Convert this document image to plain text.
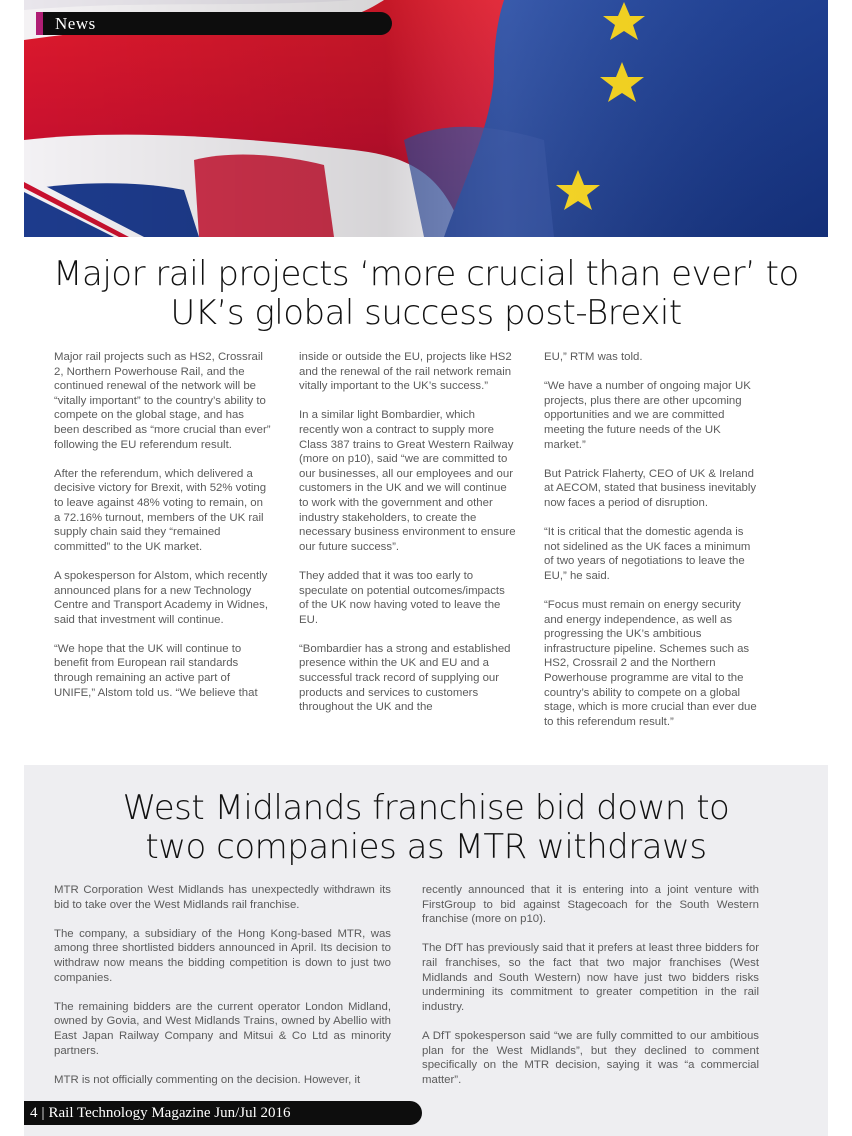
News
Major rail projects ‘more crucial than ever’ to
UK’s global success post-Brexit

Major rail projects such as HS2, Crossrail 2, Northern Powerhouse Rail, and the continued renewal of the network will be “vitally important” to the country’s ability to compete on the global stage, and has been described as “more crucial than ever” following the EU referendum result.

After the referendum, which delivered a decisive victory for Brexit, with 52% voting to leave against 48% voting to remain, on a 72.16% turnout, members of the UK rail supply chain said they “remained committed” to the UK market.

A spokesperson for Alstom, which recently announced plans for a new Technology Centre and Transport Academy in Widnes, said that investment will continue.

“We hope that the UK will continue to benefit from European rail standards through remaining an active part of UNIFE,” Alstom told us. “We believe that

inside or outside the EU, projects like HS2 and the renewal of the rail network remain vitally important to the UK’s success.”

In a similar light Bombardier, which recently won a contract to supply more Class 387 trains to Great Western Railway (more on p10), said “we are committed to our businesses, all our employees and our customers in the UK and we will continue to work with the government and other industry stakeholders, to create the necessary business environment to ensure our future success”.

They added that it was too early to speculate on potential outcomes/impacts of the UK now having voted to leave the EU.

“Bombardier has a strong and established presence within the UK and EU and a successful track record of supplying our products and services to customers throughout the UK and the

EU,” RTM was told.

“We have a number of ongoing major UK projects, plus there are other upcoming opportunities and we are committed meeting the future needs of the UK market.”

But Patrick Flaherty, CEO of UK & Ireland at AECOM, stated that business inevitably now faces a period of disruption.

“It is critical that the domestic agenda is not sidelined as the UK faces a minimum of two years of negotiations to leave the EU,” he said.

“Focus must remain on energy security and energy independence, as well as progressing the UK’s ambitious infrastructure pipeline. Schemes such as HS2, Crossrail 2 and the Northern Powerhouse programme are vital to the country’s ability to compete on a global stage, which is more crucial than ever due to this referendum result.”

West Midlands franchise bid down to
two companies as MTR withdraws

MTR Corporation West Midlands has unexpectedly withdrawn its bid to take over the West Midlands rail franchise.

The company, a subsidiary of the Hong Kong-based MTR, was among three shortlisted bidders announced in April. Its decision to withdraw now means the bidding competition is down to just two companies.

The remaining bidders are the current operator London Midland, owned by Govia, and West Midlands Trains, owned by Abellio with East Japan Railway Company and Mitsui & Co Ltd as minority partners.

MTR is not officially commenting on the decision. However, it

recently announced that it is entering into a joint venture with FirstGroup to bid against Stagecoach for the South Western franchise (more on p10).

The DfT has previously said that it prefers at least three bidders for rail franchises, so the fact that two major franchises (West Midlands and South Western) now have just two bidders risks undermining its commitment to greater competition in the rail industry.

A DfT spokesperson said “we are fully committed to our ambitious plan for the West Midlands”, but they declined to comment specifically on the MTR decision, saying it was “a commercial matter”.

4 | Rail Technology Magazine Jun/Jul 2016
